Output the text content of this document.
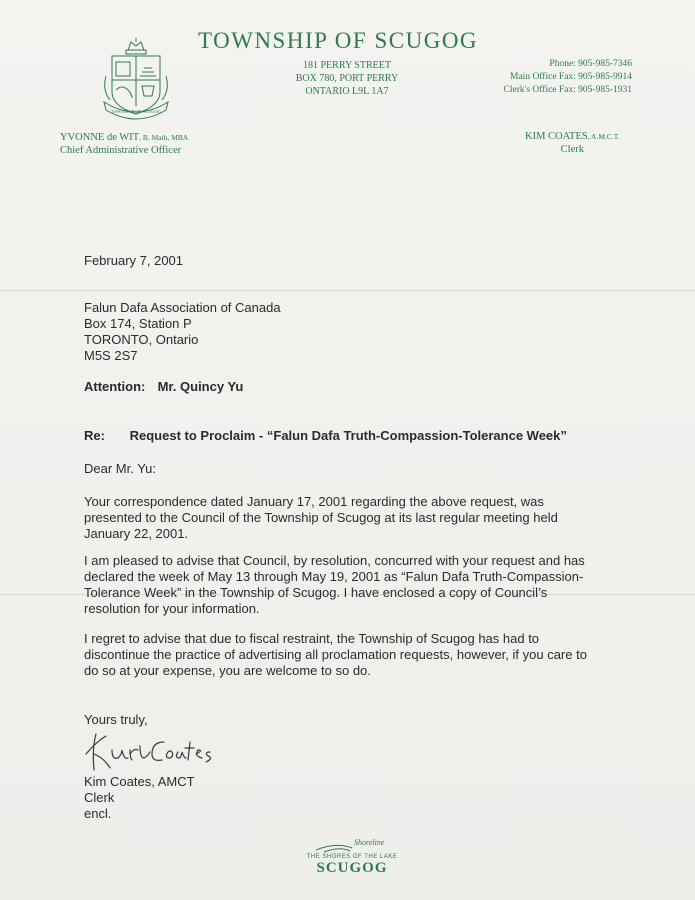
TOWNSHIP OF SCUGOG
TOWNSHIP OF SCUGOG
181 PERRY STREET
BOX 780, PORT PERRY
ONTARIO L9L 1A7
Phone: 905-985-7346
Main Office Fax: 905-985-9914
Clerk's Office Fax: 905-985-1931
YVONNE de WIT, B. Math, MBA
Chief Administrative Officer
KIM COATES, A.M.C.T.
Clerk
February 7, 2001
Falun Dafa Association of Canada
Box 174, Station P
TORONTO, Ontario
M5S 2S7
Attention: Mr. Quincy Yu
Re: Request to Proclaim - “Falun Dafa Truth-Compassion-Tolerance Week”
Dear Mr. Yu:
Your correspondence dated January 17, 2001 regarding the above request, was
presented to the Council of the Township of Scugog at its last regular meeting held
January 22, 2001.
I am pleased to advise that Council, by resolution, concurred with your request and has
declared the week of May 13 through May 19, 2001 as “Falun Dafa Truth-Compassion-
Tolerance Week” in the Township of Scugog. I have enclosed a copy of Council’s
resolution for your information.
I regret to advise that due to fiscal restraint, the Township of Scugog has had to
discontinue the practice of advertising all proclamation requests, however, if you care to
do so at your expense, you are welcome to so do.
Yours truly,
Kim Coates, AMCT
Clerk
encl.
Shoreline
THE SHORES OF THE LAKE
SCUGOG
